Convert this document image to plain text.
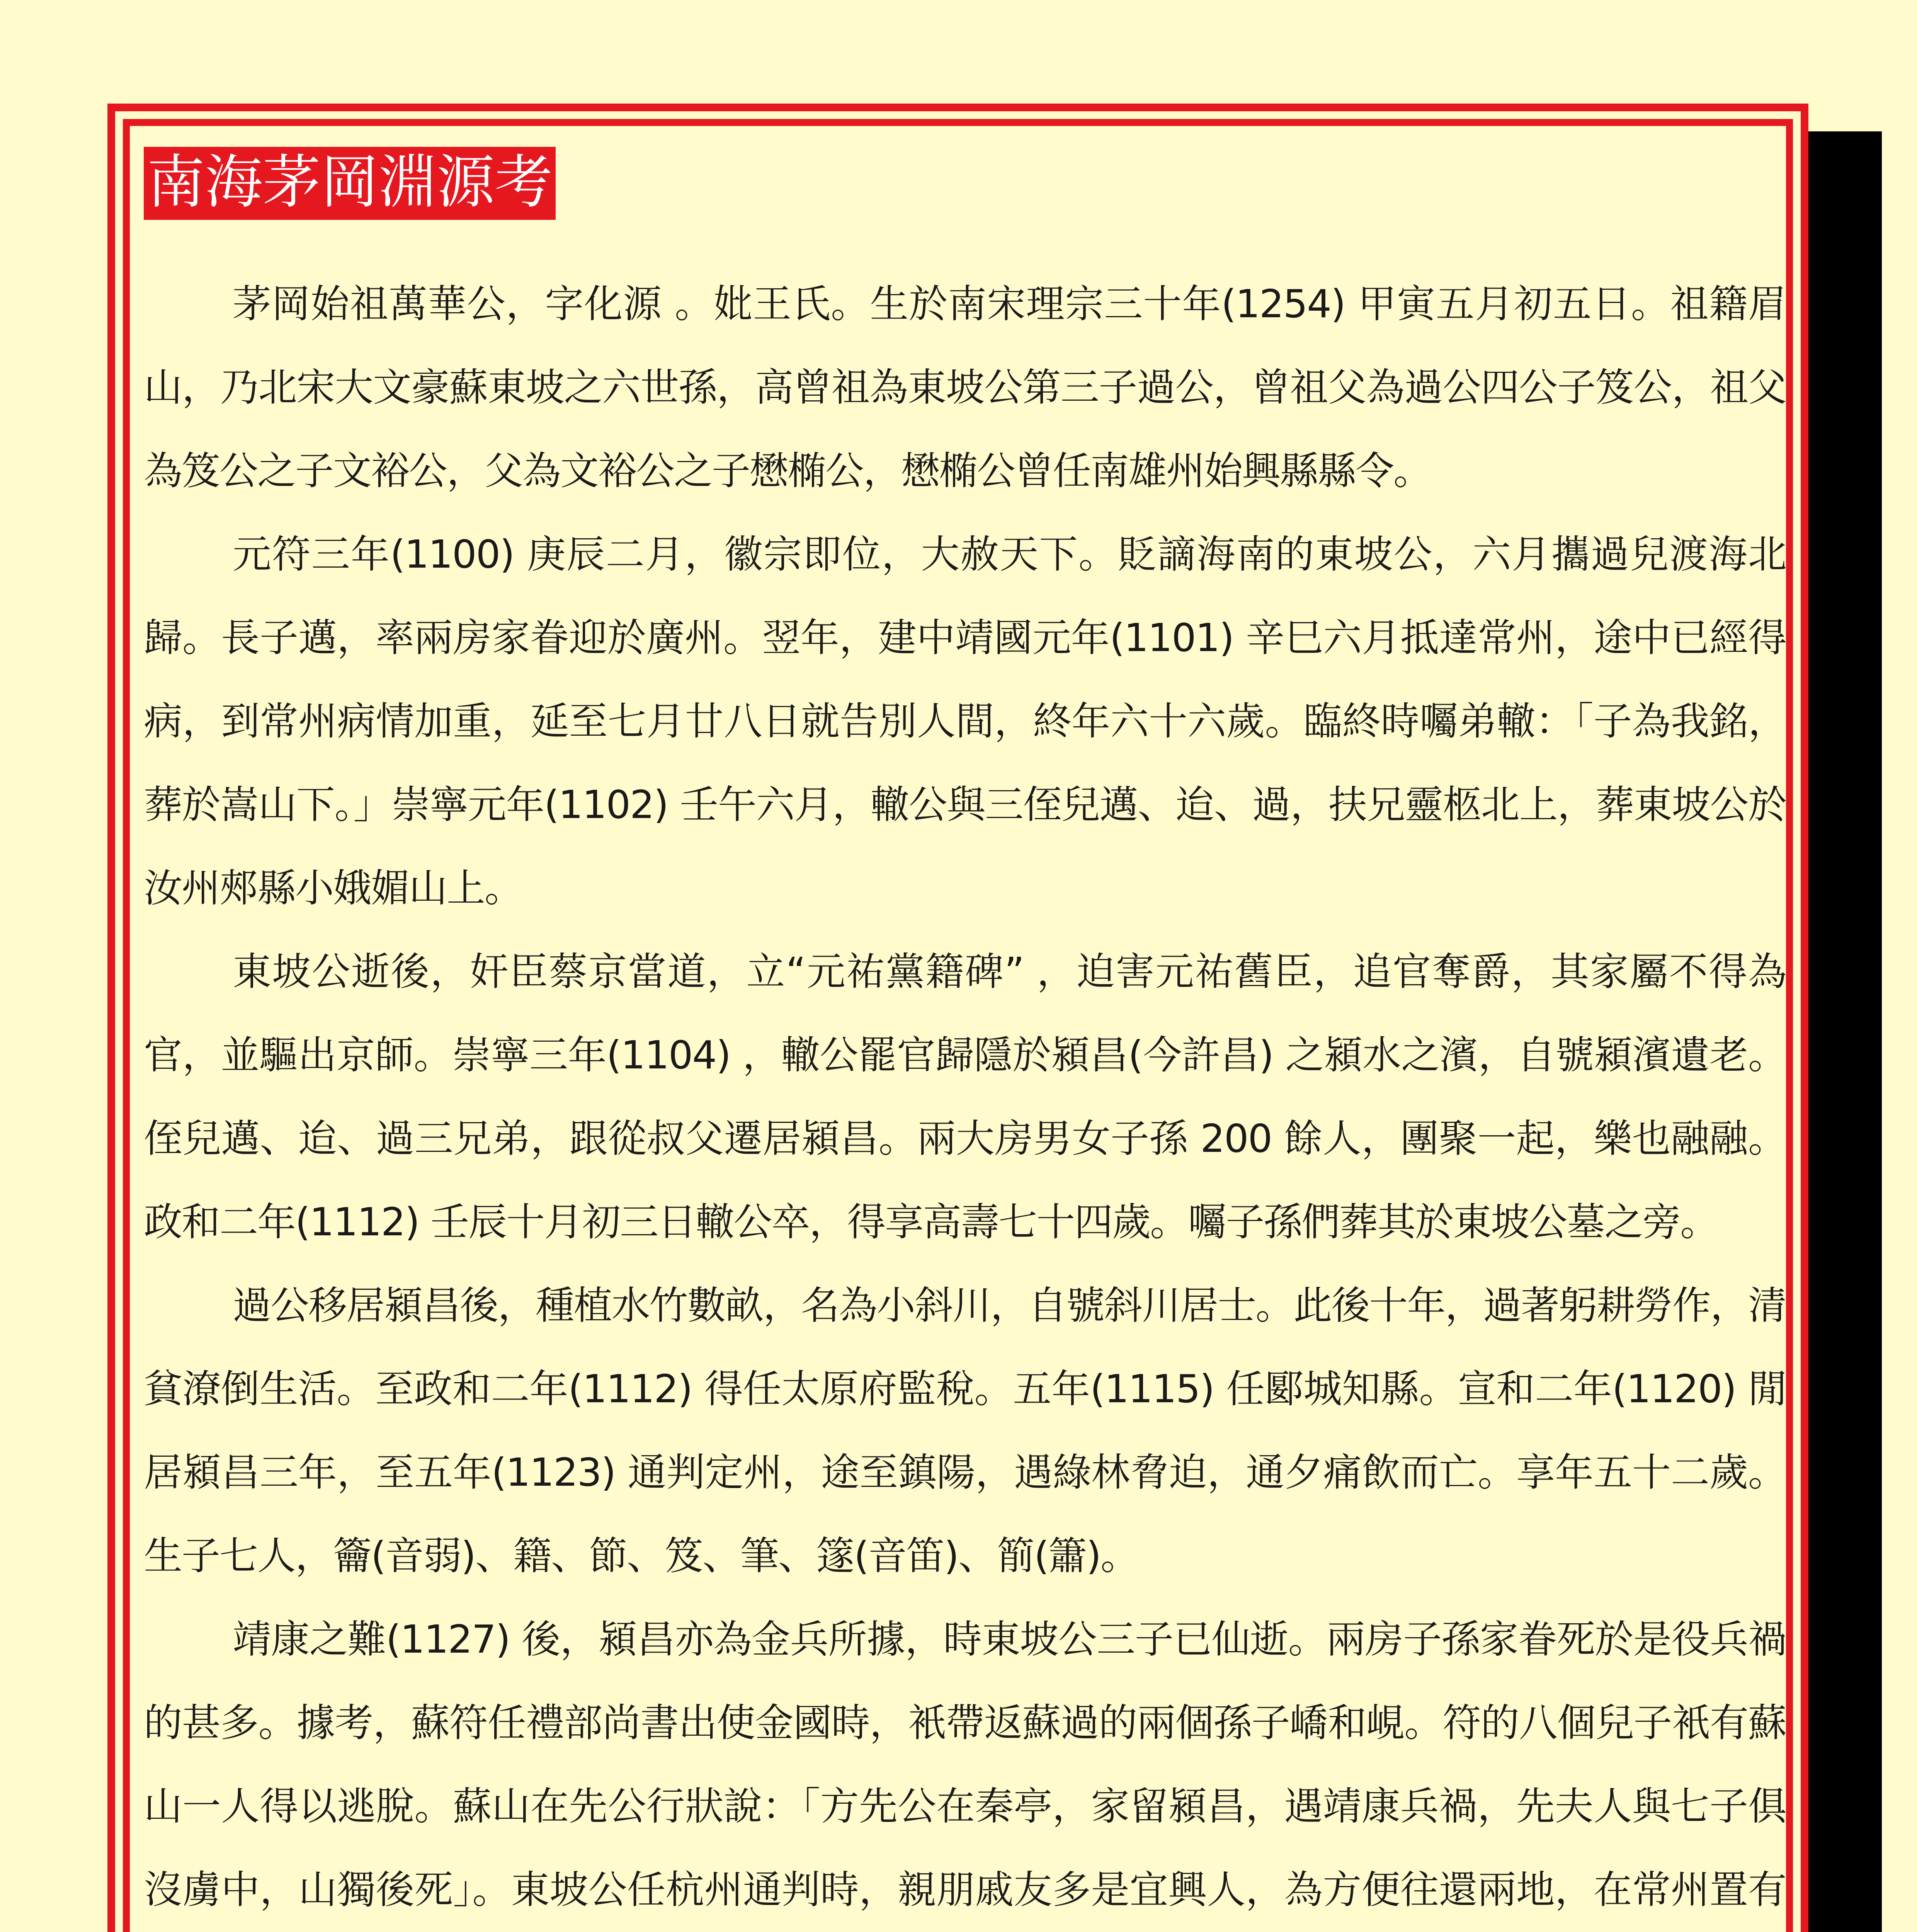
南海茅岡淵源考

茅岡始祖萬華公，字化源 。妣王氏。生於南宋理宗三十年(1254) 甲寅五月初五日。祖籍眉山，乃北宋大文豪蘇東坡之六世孫，高曾祖為東坡公第三子過公，曾祖父為過公四公子笈公，祖父為笈公之子文裕公，父為文裕公之子懋椭公，懋椭公曾任南雄州始興縣縣令。

元符三年(1100) 庚辰二月，徽宗即位，大赦天下。貶謫海南的東坡公，六月攜過兒渡海北歸。長子邁，率兩房家眷迎於廣州。翌年，建中靖國元年(1101) 辛巳六月抵達常州，途中已經得病，到常州病情加重，延至七月廿八日就告別人間，終年六十六歲。臨終時囑弟轍：「子為我銘，葬於嵩山下。」崇寧元年(1102) 壬午六月，轍公與三侄兒邁、迨、過，扶兄靈柩北上，葬東坡公於汝州郟縣小娥媚山上。

東坡公逝後，奸臣蔡京當道，立“元祐黨籍碑” ，迫害元祐舊臣，追官奪爵，其家屬不得為官，並驅出京師。崇寧三年(1104) ，轍公罷官歸隱於潁昌(今許昌) 之潁水之濱，自號潁濱遺老。侄兒邁、迨、過三兄弟，跟從叔父遷居潁昌。兩大房男女子孫 200 餘人，團聚一起，樂也融融。政和二年(1112) 壬辰十月初三日轍公卒，得享高壽七十四歲。囑子孫們葬其於東坡公墓之旁。

過公移居潁昌後，種植水竹數畝，名為小斜川，自號斜川居士。此後十年，過著躬耕勞作，清貧潦倒生活。至政和二年(1112) 得任太原府監稅。五年(1115) 任郾城知縣。宣和二年(1120) 閒居潁昌三年，至五年(1123) 通判定州，途至鎮陽，遇綠林脅迫，通夕痛飲而亡。享年五十二歲。生子七人，籥(音弱)、籍、節、笈、筆、篴(音笛)、箾(簫)。

靖康之難(1127) 後，潁昌亦為金兵所據，時東坡公三子已仙逝。兩房子孫家眷死於是役兵禍的甚多。據考，蘇符任禮部尚書出使金國時，衹帶返蘇過的兩個孫子嶠和峴。符的八個兒子衹有蘇山一人得以逃脫。蘇山在先公行狀說：「方先公在秦亭，家留潁昌，遇靖康兵禍，先夫人與七子俱沒虜中，山獨後死」。東坡公任杭州通判時，親朋戚友多是宜興人，為方便往還兩地，在常州置有
